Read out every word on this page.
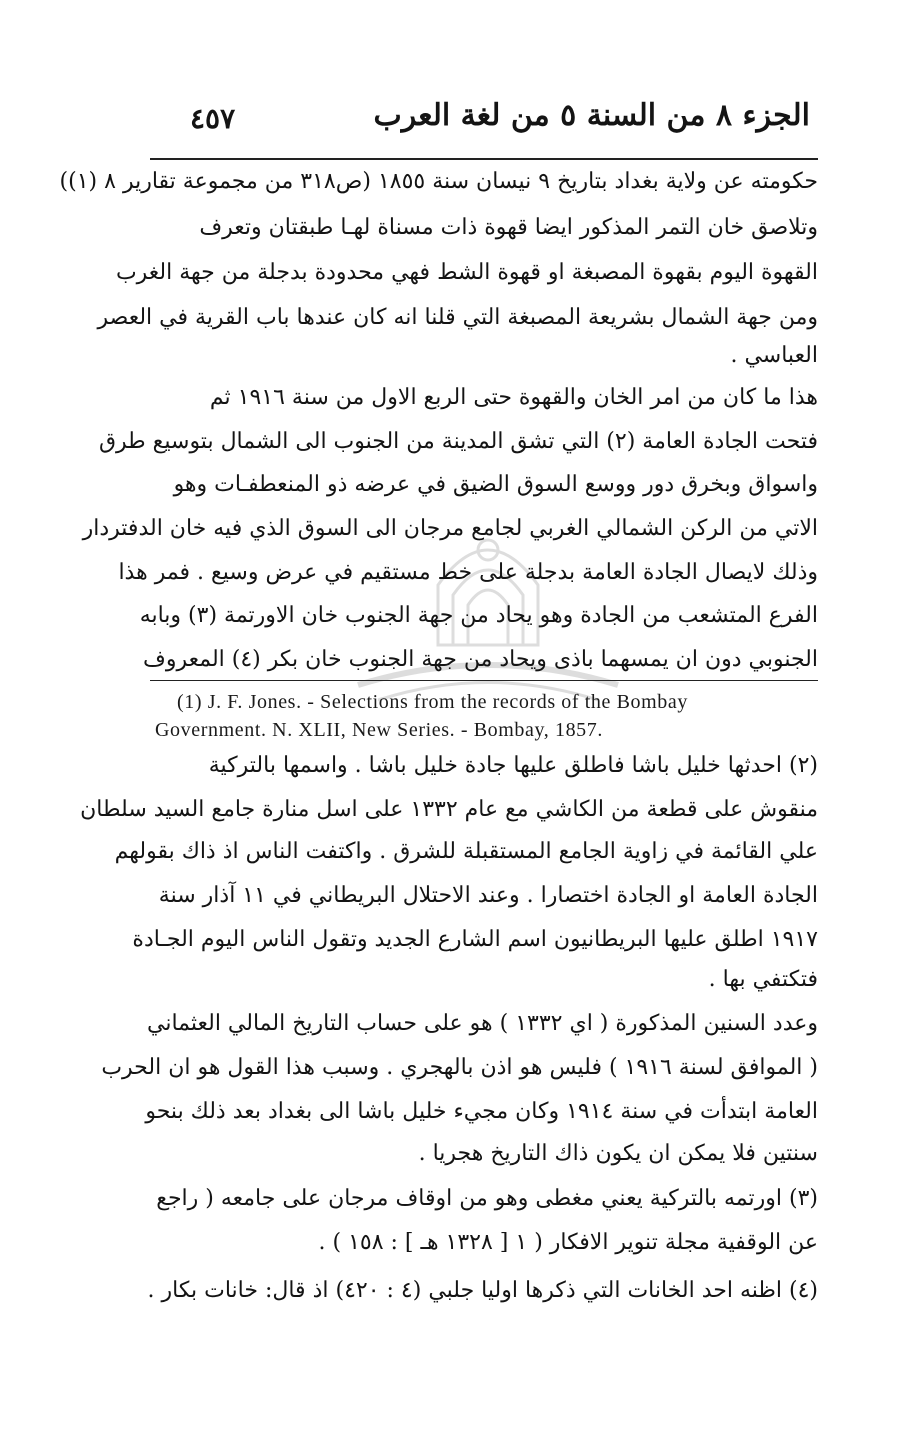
الجزء ٨ من السنة ٥ من لغة العرب
٤٥٧
حكومته عن ولاية بغداد بتاريخ ٩ نيسان سنة ١٨٥٥ (ص٣١٨ من مجموعة تقارير ٨ (١))
وتلاصق خان التمر المذكور ايضا قهوة ذات مسناة لهـا طبقتان وتعرف
القهوة اليوم بقهوة المصبغة او قهوة الشط فهي محدودة بدجلة من جهة الغرب
ومن جهة الشمال بشريعة المصبغة التي قلنا انه كان عندها باب القرية في العصر
العباسي .
هذا ما كان من امر الخان والقهوة حتى الربع الاول من سنة ١٩١٦ ثم
فتحت الجادة العامة (٢) التي تشق المدينة من الجنوب الى الشمال بتوسيع طرق
واسواق وبخرق دور ووسع السوق الضيق في عرضه ذو المنعطفـات وهو
الاتي من الركن الشمالي الغربي لجامع مرجان الى السوق الذي فيه خان الدفتردار
وذلك لايصال الجادة العامة بدجلة على خط مستقيم في عرض وسيع . فمر هذا
الفرع المتشعب من الجادة وهو يحاد من جهة الجنوب خان الاورتمة (٣) وبابه
الجنوبي دون ان يمسهما باذى ويحاد من جهة الجنوب خان بكر (٤) المعروف
(1) J. F. Jones. - Selections from the records of the Bombay
Government. N. XLII, New Series. - Bombay, 1857.
(٢) احدثها خليل باشا فاطلق عليها جادة خليل باشا . واسمها بالتركية
منقوش على قطعة من الكاشي مع عام ١٣٣٢ على اسل منارة جامع السيد سلطان
علي القائمة في زاوية الجامع المستقبلة للشرق . واكتفت الناس اذ ذاك بقولهم
الجادة العامة او الجادة اختصارا . وعند الاحتلال البريطاني في ١١ آذار سنة
١٩١٧ اطلق عليها البريطانيون اسم الشارع الجديد وتقول الناس اليوم الجـادة
فتكتفي بها .
وعدد السنين المذكورة ( اي ١٣٣٢ ) هو على حساب التاريخ المالي العثماني
( الموافق لسنة ١٩١٦ ) فليس هو اذن بالهجري . وسبب هذا القول هو ان الحرب
العامة ابتدأت في سنة ١٩١٤ وكان مجيء خليل باشا الى بغداد بعد ذلك بنحو
سنتين فلا يمكن ان يكون ذاك التاريخ هجريا .
(٣) اورتمه بالتركية يعني مغطى وهو من اوقاف مرجان على جامعه ( راجع
عن الوقفية مجلة تنوير الافكار ( ١ [ ١٣٢٨ هـ ] : ١٥٨ ) .
(٤) اظنه احد الخانات التي ذكرها اوليا جلبي (٤ : ٤٢٠) اذ قال: خانات بكار .
